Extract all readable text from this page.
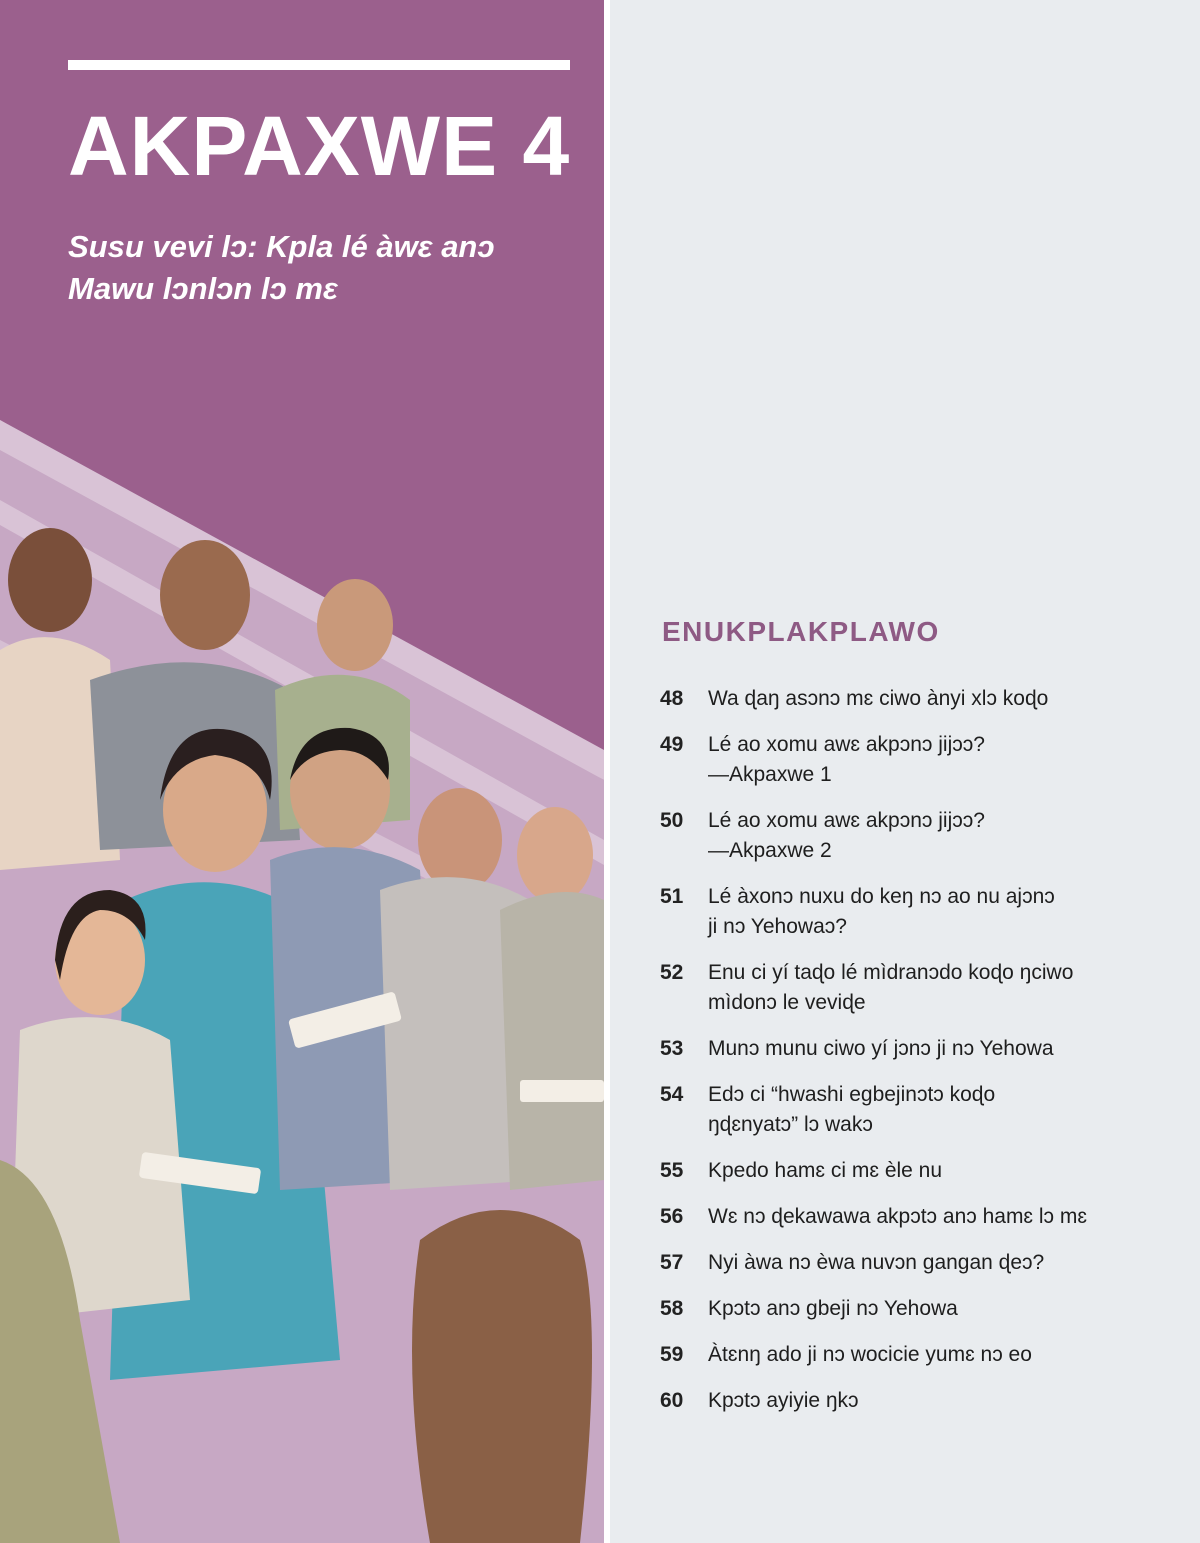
AKPAXWE 4

Susu vevi lɔ: Kpla lé àwɛ anɔ Mawu lɔnlɔn lɔ mɛ

ENUKPLAKPLAWO
48	Wa ɖaŋ asɔnɔ mɛ ciwo ànyi xlɔ koɖo
49	Lé ao xomu awɛ akpɔnɔ jijɔɔ?
—Akpaxwe 1
50	Lé ao xomu awɛ akpɔnɔ jijɔɔ?
—Akpaxwe 2
51	Lé àxonɔ nuxu do keŋ nɔ ao nu ajɔnɔ
ji nɔ Yehowaɔ?
52	Enu ci yí taɖo lé mìdranɔdo koɖo ŋciwo
mìdonɔ le veviɖe
53	Munɔ munu ciwo yí jɔnɔ ji nɔ Yehowa
54	Edɔ ci “hwashi egbejinɔtɔ koɖo
ŋɖɛnyatɔ” lɔ wakɔ
55	Kpedo hamɛ ci mɛ èle nu
56	Wɛ nɔ ɖekawawa akpɔtɔ anɔ hamɛ lɔ mɛ
57	Nyi àwa nɔ èwa nuvɔn gangan ɖeɔ?
58	Kpɔtɔ anɔ gbeji nɔ Yehowa
59	Àtɛnŋ ado ji nɔ wocicie yumɛ nɔ eo
60	Kpɔtɔ ayiyie ŋkɔ
